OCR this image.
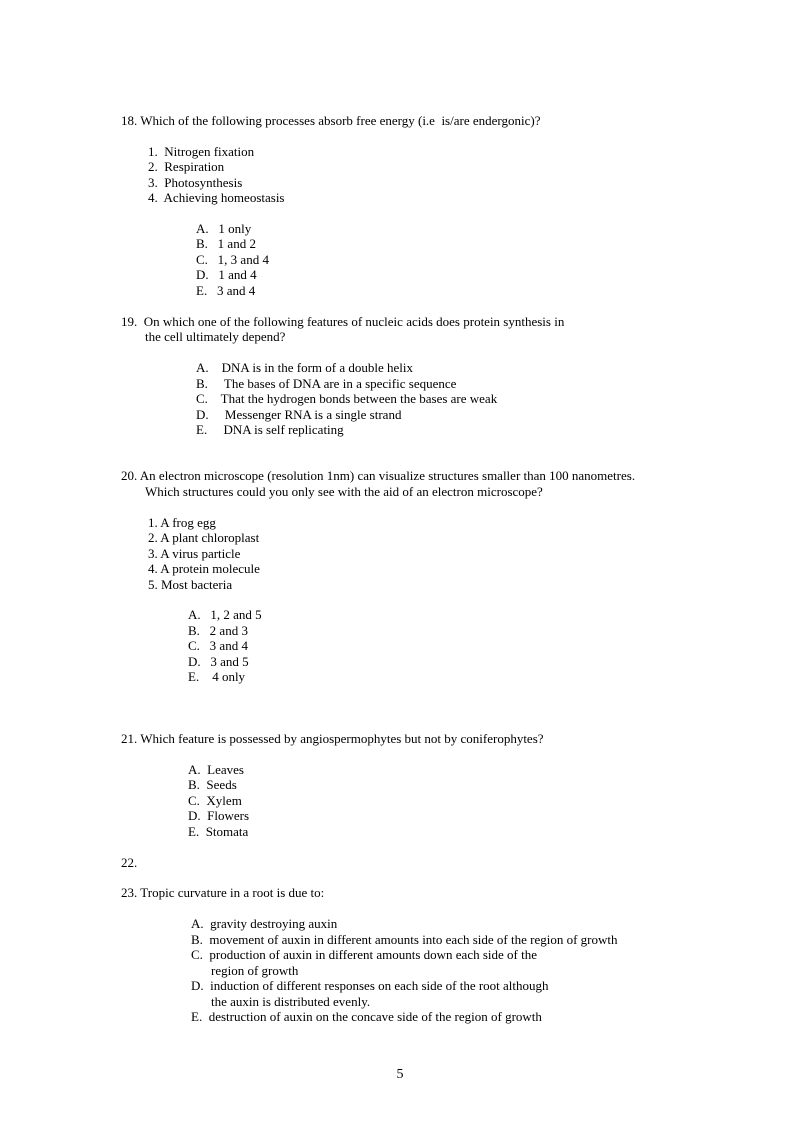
18. Which of the following processes absorb free energy (i.e  is/are endergonic)?
1.  Nitrogen fixation
2.  Respiration
3.  Photosynthesis
4.  Achieving homeostasis
A.   1 only
B.   1 and 2
C.   1, 3 and 4
D.   1 and 4
E.   3 and 4
19.  On which one of the following features of nucleic acids does protein synthesis in
the cell ultimately depend?
A.    DNA is in the form of a double helix
B.     The bases of DNA are in a specific sequence
C.    That the hydrogen bonds between the bases are weak
D.     Messenger RNA is a single strand
E.     DNA is self replicating
20. An electron microscope (resolution 1nm) can visualize structures smaller than 100 nanometres.
Which structures could you only see with the aid of an electron microscope?
1. A frog egg
2. A plant chloroplast
3. A virus particle
4. A protein molecule
5. Most bacteria
A.   1, 2 and 5
B.   2 and 3
C.   3 and 4
D.   3 and 5
E.    4 only
21. Which feature is possessed by angiospermophytes but not by coniferophytes?
A.  Leaves
B.  Seeds
C.  Xylem
D.  Flowers
E.  Stomata
22.
23. Tropic curvature in a root is due to:
A.  gravity destroying auxin
B.  movement of auxin in different amounts into each side of the region of growth
C.  production of auxin in different amounts down each side of the
region of growth
D.  induction of different responses on each side of the root although
the auxin is distributed evenly.
E.  destruction of auxin on the concave side of the region of growth
5
